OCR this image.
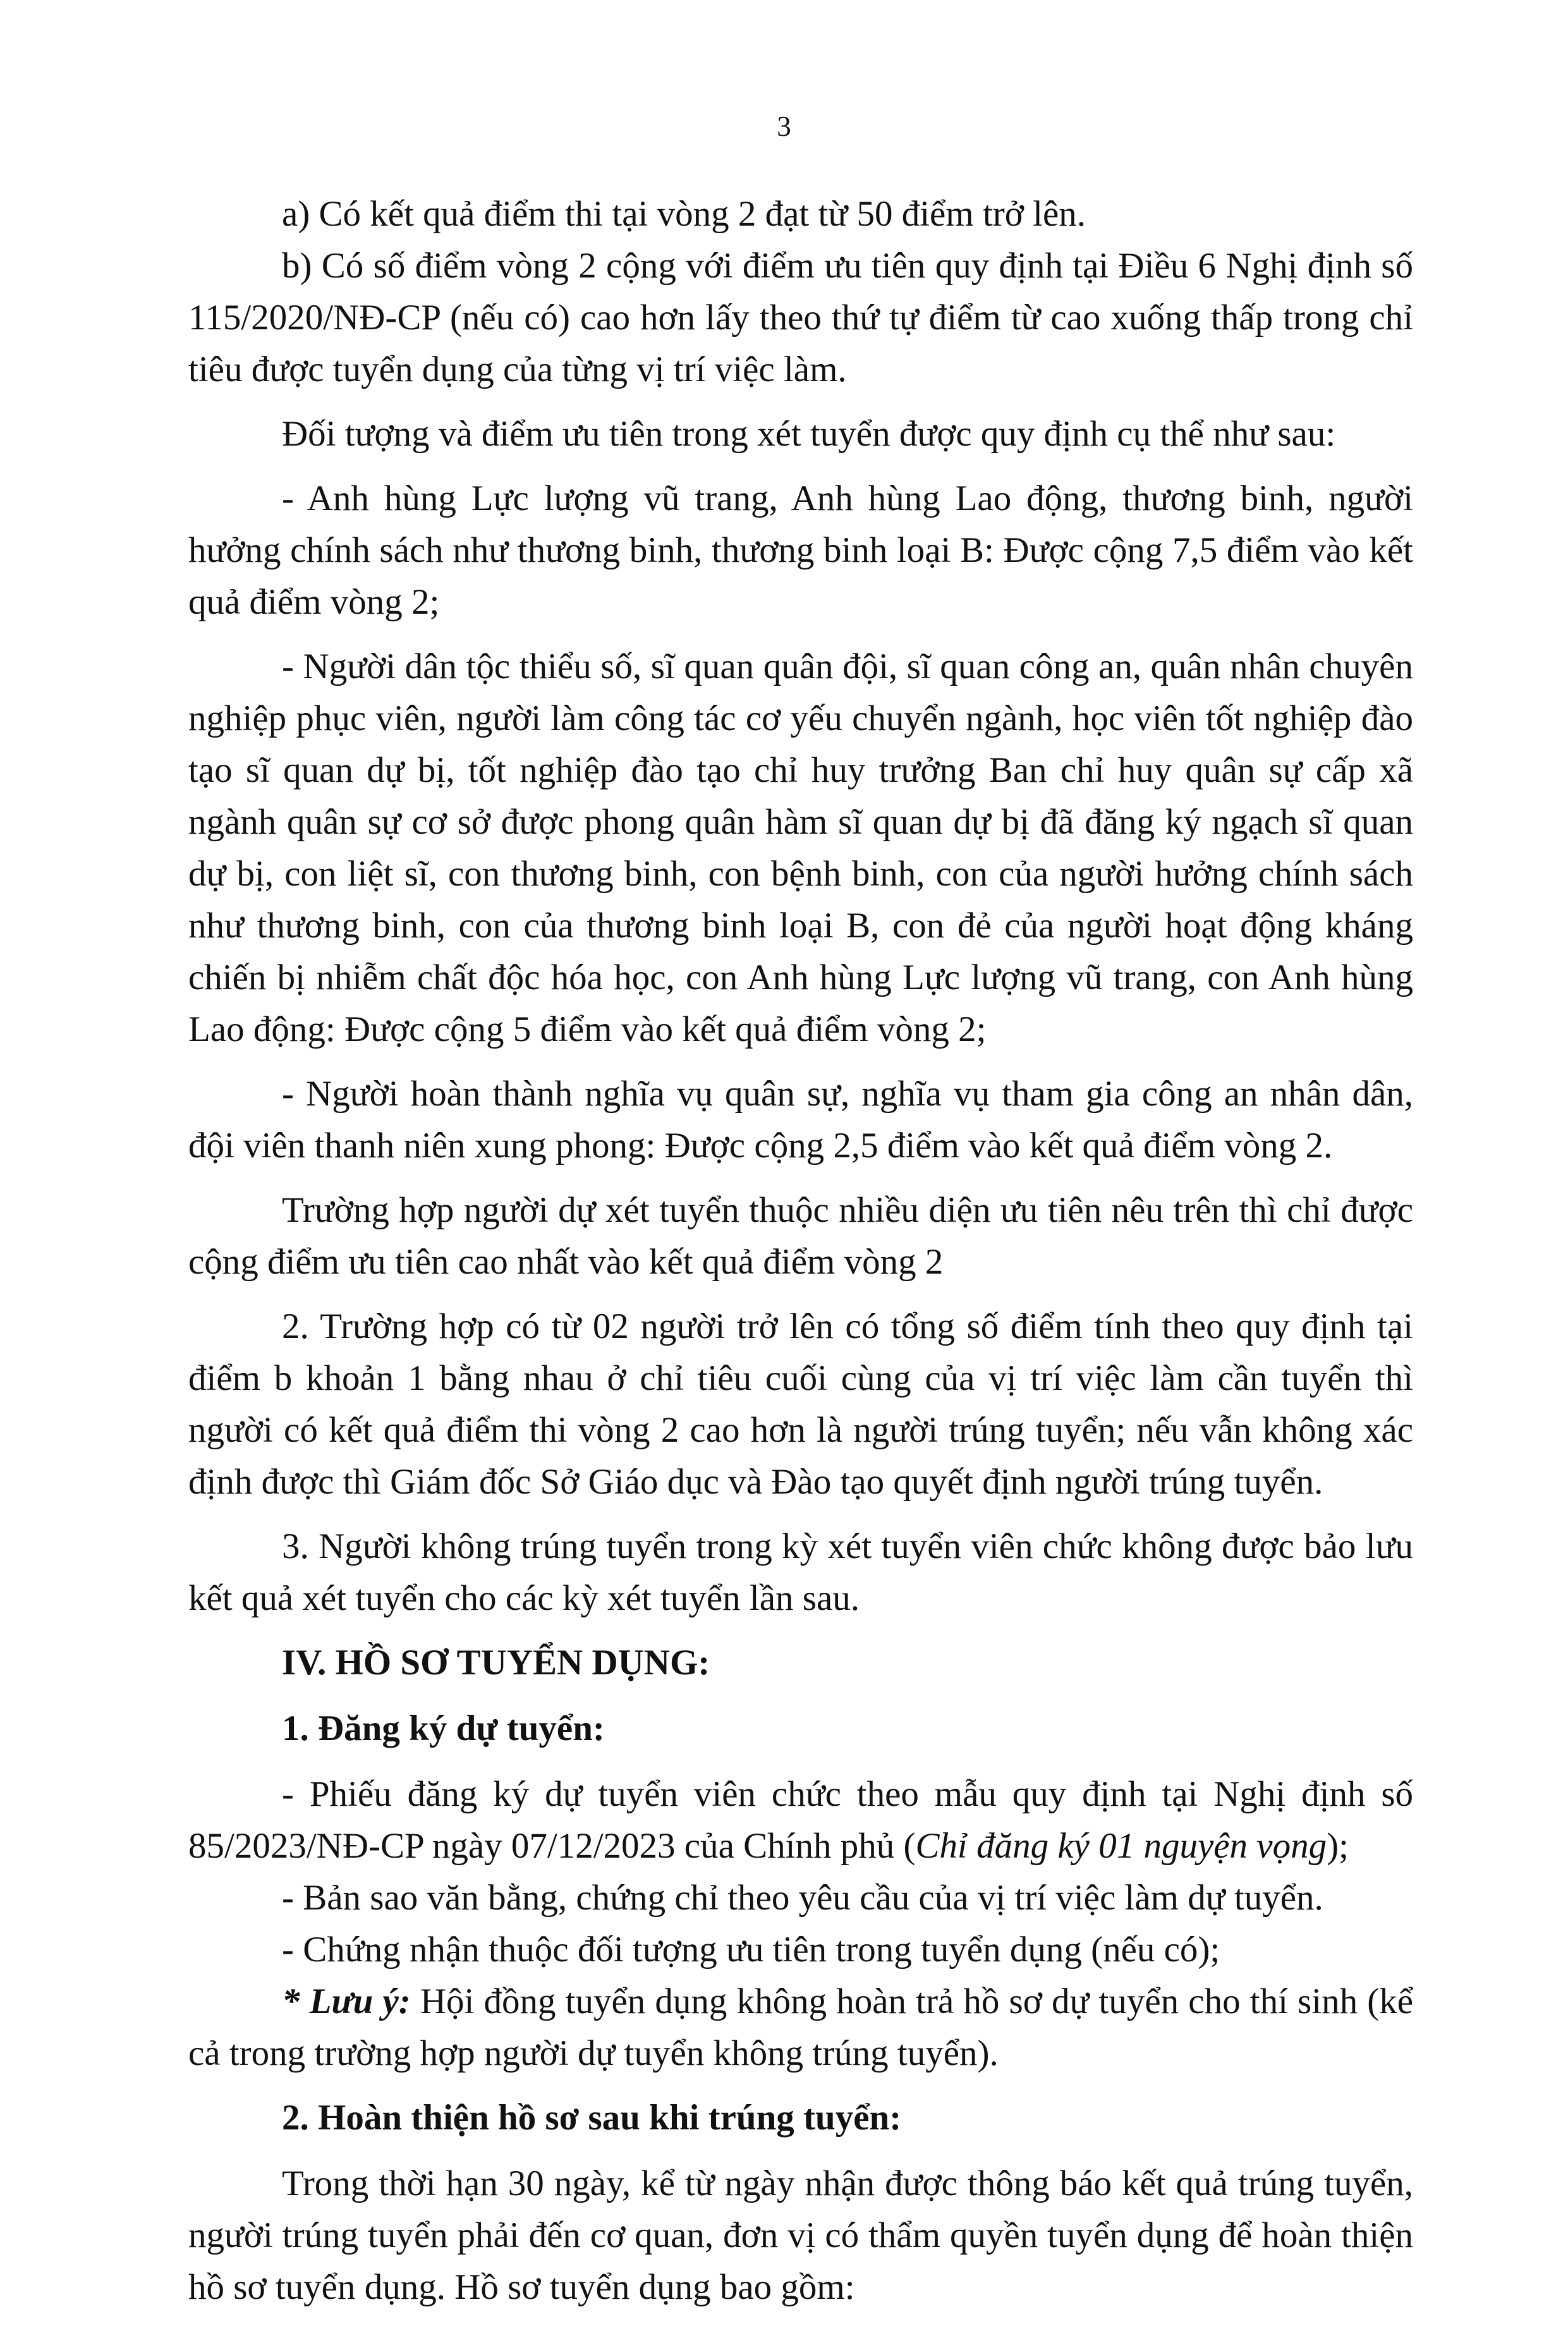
3

a) Có kết quả điểm thi tại vòng 2 đạt từ 50 điểm trở lên.

b) Có số điểm vòng 2 cộng với điểm ưu tiên quy định tại Điều 6 Nghị định số 115/2020/NĐ-CP (nếu có) cao hơn lấy theo thứ tự điểm từ cao xuống thấp trong chỉ tiêu được tuyển dụng của từng vị trí việc làm.

Đối tượng và điểm ưu tiên trong xét tuyển được quy định cụ thể như sau:

- Anh hùng Lực lượng vũ trang, Anh hùng Lao động, thương binh, người hưởng chính sách như thương binh, thương binh loại B: Được cộng 7,5 điểm vào kết quả điểm vòng 2;

- Người dân tộc thiểu số, sĩ quan quân đội, sĩ quan công an, quân nhân chuyên nghiệp phục viên, người làm công tác cơ yếu chuyển ngành, học viên tốt nghiệp đào tạo sĩ quan dự bị, tốt nghiệp đào tạo chỉ huy trưởng Ban chỉ huy quân sự cấp xã ngành quân sự cơ sở được phong quân hàm sĩ quan dự bị đã đăng ký ngạch sĩ quan dự bị, con liệt sĩ, con thương binh, con bệnh binh, con của người hưởng chính sách như thương binh, con của thương binh loại B, con đẻ của người hoạt động kháng chiến bị nhiễm chất độc hóa học, con Anh hùng Lực lượng vũ trang, con Anh hùng Lao động: Được cộng 5 điểm vào kết quả điểm vòng 2;

- Người hoàn thành nghĩa vụ quân sự, nghĩa vụ tham gia công an nhân dân, đội viên thanh niên xung phong: Được cộng 2,5 điểm vào kết quả điểm vòng 2.

Trường hợp người dự xét tuyển thuộc nhiều diện ưu tiên nêu trên thì chỉ được cộng điểm ưu tiên cao nhất vào kết quả điểm vòng 2

2. Trường hợp có từ 02 người trở lên có tổng số điểm tính theo quy định tại điểm b khoản 1 bằng nhau ở chỉ tiêu cuối cùng của vị trí việc làm cần tuyển thì người có kết quả điểm thi vòng 2 cao hơn là người trúng tuyển; nếu vẫn không xác định được thì Giám đốc Sở Giáo dục và Đào tạo quyết định người trúng tuyển.

3. Người không trúng tuyển trong kỳ xét tuyển viên chức không được bảo lưu kết quả xét tuyển cho các kỳ xét tuyển lần sau.

IV. HỒ SƠ TUYỂN DỤNG:

1. Đăng ký dự tuyển:

- Phiếu đăng ký dự tuyển viên chức theo mẫu quy định tại Nghị định số 85/2023/NĐ-CP ngày 07/12/2023 của Chính phủ (Chỉ đăng ký 01 nguyện vọng);

- Bản sao văn bằng, chứng chỉ theo yêu cầu của vị trí việc làm dự tuyển.

- Chứng nhận thuộc đối tượng ưu tiên trong tuyển dụng (nếu có);

* Lưu ý: Hội đồng tuyển dụng không hoàn trả hồ sơ dự tuyển cho thí sinh (kể cả trong trường hợp người dự tuyển không trúng tuyển).

2. Hoàn thiện hồ sơ sau khi trúng tuyển:

Trong thời hạn 30 ngày, kể từ ngày nhận được thông báo kết quả trúng tuyển, người trúng tuyển phải đến cơ quan, đơn vị có thẩm quyền tuyển dụng để hoàn thiện hồ sơ tuyển dụng. Hồ sơ tuyển dụng bao gồm:
